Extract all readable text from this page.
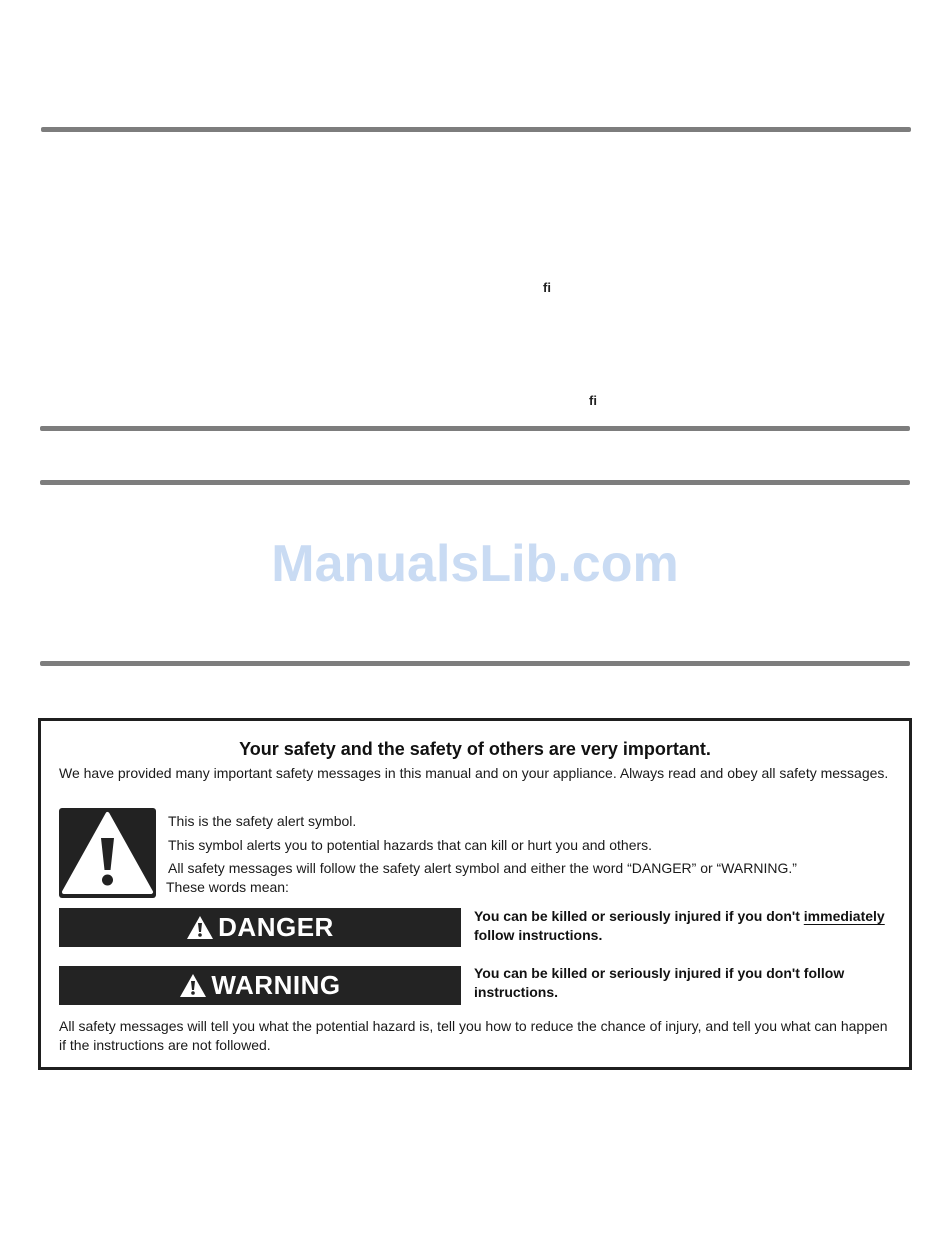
fi
fi
ManualsLib.com
Your safety and the safety of others are very important.
We have provided many important safety messages in this manual and on your appliance. Always read and obey all safety messages.
This is the safety alert symbol.
This symbol alerts you to potential hazards that can kill or hurt you and others.
All safety messages will follow the safety alert symbol and either the word “DANGER” or “WARNING.”
These words mean:
DANGER	You can be killed or seriously injured if you don't immediately follow instructions.
WARNING	You can be killed or seriously injured if you don't follow instructions.
All safety messages will tell you what the potential hazard is, tell you how to reduce the chance of injury, and tell you what can happen if the instructions are not followed.
